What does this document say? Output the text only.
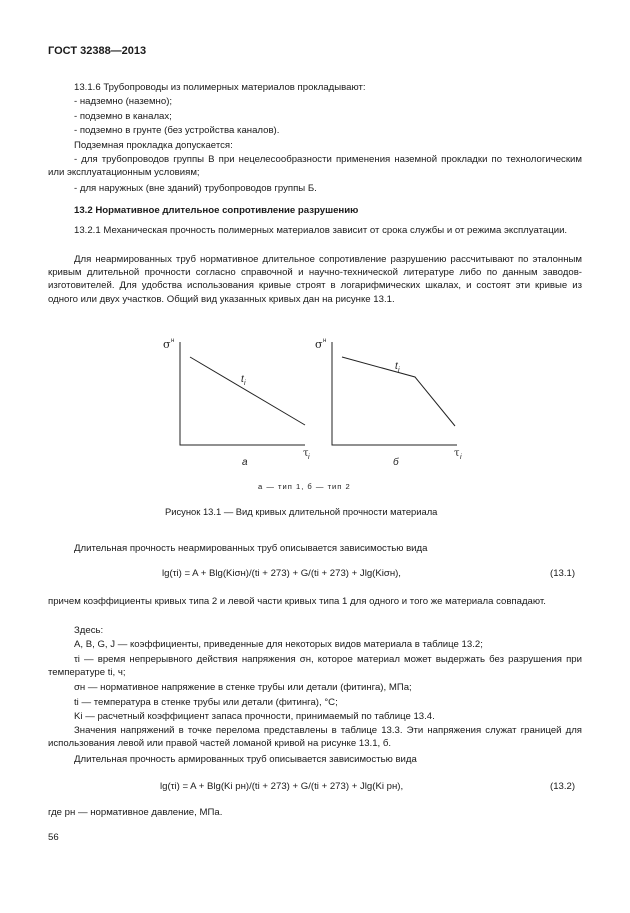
ГОСТ 32388—2013
13.1.6 Трубопроводы из полимерных материалов прокладывают:
- надземно (наземно);
- подземно в каналах;
- подземно в грунте (без устройства каналов).
Подземная прокладка допускается:
- для трубопроводов группы В при нецелесообразности применения наземной прокладки по технологическим или эксплуатационным условиям;
- для наружных (вне зданий) трубопроводов группы Б.
13.2 Нормативное длительное сопротивление разрушению
13.2.1 Механическая прочность полимерных материалов зависит от срока службы и от режима эксплуатации.
Для неармированных труб нормативное длительное сопротивление разрушению рассчитывают по эталонным кривым длительной прочности согласно справочной и научно-технической литературе либо по данным заводов-изготовителей. Для удобства использования кривые строят в логарифмических шкалах, и состоят эти кривые из одного или двух участков. Общий вид указанных кривых дан на рисунке 13.1.
σ н	σ н
t i
t i
τ i	τ i
а	б
а — тип 1, б — тип 2
Рисунок 13.1 — Вид кривых длительной прочности материала
Длительная прочность неармированных труб описывается зависимостью вида
lg(τi) = A + Blg(Kiσн)/(ti + 273) + G/(ti + 273) + Jlg(Kiσн),	(13.1)
причем коэффициенты кривых типа 2 и левой части кривых типа 1 для одного и того же материала совпадают.
Здесь:
A, B, G, J — коэффициенты, приведенные для некоторых видов материала в таблице 13.2;
τi — время непрерывного действия напряжения σн, которое материал может выдержать без разрушения при температуре ti, ч;
σн — нормативное напряжение в стенке трубы или детали (фитинга), МПа;
ti — температура в стенке трубы или детали (фитинга), °С;
Ki — расчетный коэффициент запаса прочности, принимаемый по таблице 13.4.
Значения напряжений в точке перелома представлены в таблице 13.3. Эти напряжения служат границей для использования левой или правой частей ломаной кривой на рисунке 13.1, б.
Длительная прочность армированных труб описывается зависимостью вида
lg(τi) = A + Blg(Ki pн)/(ti + 273) + G/(ti + 273) + Jlg(Ki pн),	(13.2)
где pн — нормативное давление, МПа.
56
